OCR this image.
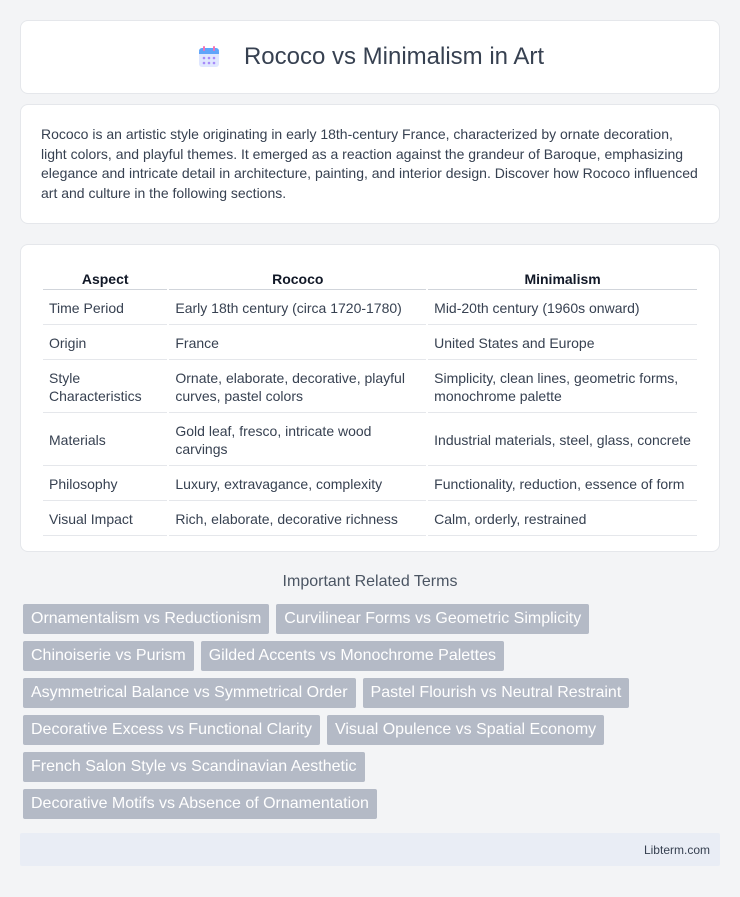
Rococo vs Minimalism in Art

Rococo is an artistic style originating in early 18th-century France, characterized by ornate decoration, light colors, and playful themes. It emerged as a reaction against the grandeur of Baroque, emphasizing elegance and intricate detail in architecture, painting, and interior design. Discover how Rococo influenced art and culture in the following sections.

Aspect	Rococo	Minimalism
Time Period	Early 18th century (circa 1720-1780)	Mid-20th century (1960s onward)
Origin	France	United States and Europe
Style Characteristics	Ornate, elaborate, decorative, playful curves, pastel colors	Simplicity, clean lines, geometric forms, monochrome palette
Materials	Gold leaf, fresco, intricate wood carvings	Industrial materials, steel, glass, concrete
Philosophy	Luxury, extravagance, complexity	Functionality, reduction, essence of form
Visual Impact	Rich, elaborate, decorative richness	Calm, orderly, restrained
Important Related Terms
Ornamentalism vs Reductionism	Curvilinear Forms vs Geometric Simplicity
Chinoiserie vs Purism	Gilded Accents vs Monochrome Palettes
Asymmetrical Balance vs Symmetrical Order	Pastel Flourish vs Neutral Restraint
Decorative Excess vs Functional Clarity	Visual Opulence vs Spatial Economy
French Salon Style vs Scandinavian Aesthetic
Decorative Motifs vs Absence of Ornamentation
Libterm.com
